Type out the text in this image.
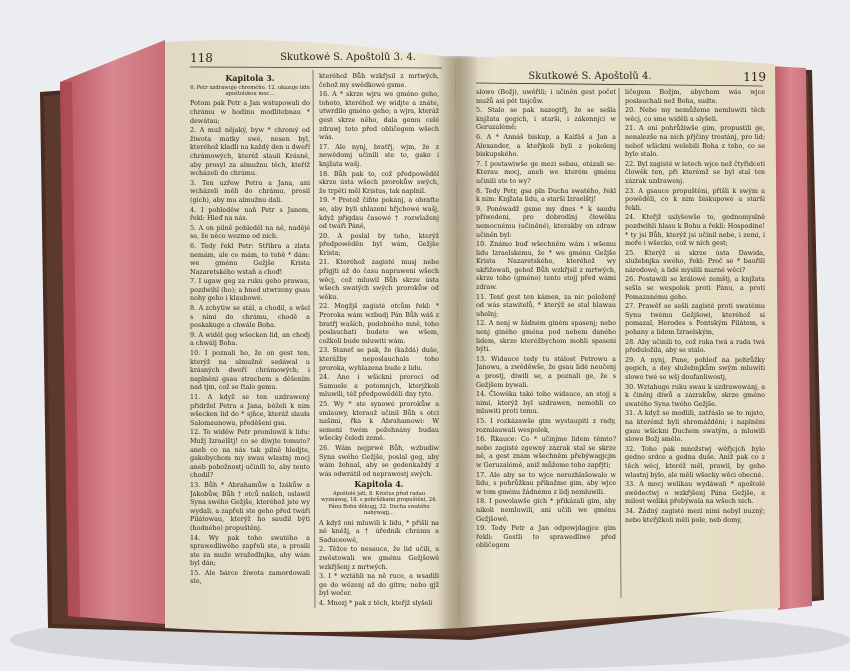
118	Skutkowé S. Apoštolů 3. 4.
Kapitola 3.
6. Petr uzdrawuje chromého. 12. ukazuje lidu apoštolskou moc…

Potom pak Petr a Jan wstupowali do chrámu w hodinu modlitebnau * dewátau;

2. A muž nějaký, byw * chromý od žiwota matky swé, nesen byl, kteréhož kladli na každý den u dweří chrámowých, kteréž slauli Krásné, aby prosyl za almužnu těch, kteříž wcházeli do chrámu.

3. Ten uzřew Petra a Jana, ani wcházeli měli do chrámu, prosil (gich), aby mu almužnu dali.

4. I pohleděw naň Petr s Janem, řekl: Hleď na nás.

5. A on pilně pohleděl na ně, nadějé se, že něco wezme od nich.

6. Tedy řekl Petr: Stříbra a zlata nemám, ale co mám, to tobě * dám: we gménu Gežjše Krista Nazaretského wstaň a choď!

7. I ugaw geg za ruku geho prawau, pozdwihl (ho); a hned utwrzeny gsau nohy geho i klaubowé.

8. A zchytiw se stál, a chodil, a wšel s ními do chrámu, chodě a poskakuge a chwále Boha.

9. A widěl geg wšecken lid, an chodj a chwálj Boha.

10. I poznali ho, že on gest ten, kterýž na almužně sedáwal u krásných dweří chrámowých; i naplněni gsau strachem a děšením nad tjm, což se ſtalo gemu.

11. A když se ten uzdrawený přidržel Petra a Jana, běželi k nim wšecken lid do * sjňce, kteráž slauła Salomaunowa, předěšeni gsa.

12. To widěw Petr promluwil k lidu: Mužj Izraelštj! co se diwjte tomuto? aneb co na nás tak pilně hledjte, gakobychom my swau wlastnj mocj aneb pobožnostj učinili to, aby tento chodil?

13. Bůh * Abrahamůw a Izákůw a Jákobůw, Bůh † otců našich, oslawil Syna swého Gežjše, kteréhož jste wy wydali, a zapřeli ste geho před twáří Pilátowau, kterýž ho saudil býti (hodného) propuštěnj.

14. Wy pak toho swatého a sprawedliwého zapřeli ste, a prosili ste za muže wražedlnjka, aby wám byl dán;

15. Ale bárce žiwota zamordowali ste,

kteréhož Bůh wzkřjsil z mrtwých, čehož my swědkowé gsme.

16. A * skrze wjru we gméno geho, tohoto, kteréhož wy widjte a znáte, utwrdilo gméno geho; a wjra, kteráž gest skrze něho, dala gemu celé zdrawj toto před obličegem wšech wás.

17. Ale nynj, bratřj, wjm, že z newědomj učinili ste to, gako i knjžata wašj.

18. Bůh pak to, což předpowěděl skrze ústa wšech prorokůw swých, že trpěti měl Kristus, tak naplnil.

19. * Protož čiňte pokánj, a obraťte se, aby byli shlazeni hřjchowé wašj, když přigdau časowé † rozwlaženj od twáři Páně,

20. A poslal by toho, kterýž předpowěděn byl wám, Gežjše Krista;

21. Kteréhož zagisté musj nebe přigjti až do času napraweni wšech wěcj, což mluwil Bůh skrze ústa wšech swatých swých prorokůw od wěku.

22. Mogžjš zagisté otcům řekl: * Proroka wám wzbudj Pán Bůh wáš z bratřj waších, podobného mně, toho poslauchati budete we wšem, cožkoli bude mluwiti wám.

23. Staneť se pak, že (každá) duše, kterážby neposlauchala toho proroka, wyhlazena bude z lidu.

24. Ano i wšickni proroci od Samuele a potomnjch, kterjžkoli mluwili, též předpowěděli dny tyto.

25. Wy * ste synowé prorokůw a smlauwy, kterauž učinil Bůh s otci našimi, řka k Abrahamowi: W semeni twém požehnány budau wšecky čeledi země.

26. Wám nejprwé Bůh, wzbudiw Syna swého Gežjše, poslal geg, aby wám žehnal, aby se gedenkaždý z wás odwrátil od neprawostj swých.

Kapitola 4.
Apoštolé jati, 8. Kristus před radau wyznáwaj, 18. s pohrůžkami propuštěni, 24. Pánu Bohu děkugj, 32. Ducha swatého nabýwagj…

A když oni mluwili k lidu, * přišli na ně kněžj, a † úředník chrámu a Saduceowé,

2. Těžce to nesauce, že lid učili, a zwěstowali we gménu Gežjšowě wzkřjšenj z mrtwých.

3. I * wztáhli na ně ruce, a wsadili ge do wězenj až do gitra; nebo gjž byl wečer.

4. Mnozj * pak z těch, kteřjž slyšeli

Skutkowé S. Apoštolů 4.	119

slowo (Božj), uwěřili; i učiněn gest počet mužů asi pět tisjcůw.

5. Stalo se pak nazegtřj, že se sešla knjžata gegich, i starši, i zákonnjci w Geruzalémě;

6. A * Annáš biskup, a Kaifáš a Jan a Alexander, a kteřjkoli byli z pokolenj biskupského.

7. I postawiwše ge mezi sebau, otázali se: Kterau mocj, aneb we kterém gménu učinili ste to wy?

8. Tedy Petr, gsa pln Ducha swatého, řekl k nim: Knjžata lidu, a starši Izraelštj!

9. Poněwadž gsme my dnes * k saudu přiwedeni, pro dobrodinj člowěku nemocnému (učiněné), kterakby on zdraw učiněn byl:

10. Známo buď wšechněm wám i wšemu lidu Izraelskému, že * we gménu Gežjše Krista Nazaretského, kteréhož wy ukřižowali, gehož Bůh wzkřjsil z mrtwých, skrze toho (gméno) tento stojj před wámi zdraw.

11. Tenť gest ten kámen, za nic položený od wás stawitelů, * kterýž se stal hlawau uhelnj;

12. A nenj w žádném giném spasenj; nebo nenj giného gména pod nebem daného lidem, skrze kteréžbychom mohli spaseni býti.

13. Widauce tedy tu stálost Petrowu a Janowu, a zwěděwše, že gsau lidé neučenj a prostj, diwili se, a poznali ge, že s Gežjšem bywali.

14. Člowěka také toho widauce, an stojj s nimi, kterýž byl uzdrawen, nemohli co mluwiti proti tomu.

15. I rozkázawše gim wystaupiti z rady, rozmlauwali wespolek,

16. Řkauce: Co * učinjme lidem těmto? nebo zagisté zgewný zázrak stal se skrze ně, a gest znám wšechněm přebýwagjcjm w Geruzalémě, aniž můžeme toho zapřjti;

17. Ale aby se to wjce nerozhlašowalo w lidu, s pohrůžkau přikažme gim, aby wjce w tom gménu žádnému z lidj nemluwili.

18. I powolawše gich * přikázali gim, aby nikoli nemluwili, ani učili we gménu Gežjšowě.

19. Tedy Petr a Jan odpowjdagjce gim řekli: Gestli to sprawedliwé před obličegem

ličegem Božjm, abychom wás wjce poslauchali než Boha, sudte.

20. Nebo my nemůžeme nemluwiti těch wěcj, co sme widěli a slyšeli.

21. A oni pohrůžiwše gim, propustili ge, nenalezše na nich přjčiny trestánj, pro lid; neboť wšickni welebili Boha z toho, co se bylo stalo.

22. Byl zagisté w letech wjce než čtyřidceti člowěk ten, při kterémž se byl stal ten zázrak uzdrawenj.

23. A gsauce propuštěni, přišli k swým a powěděli, co k nim biskupowé a starši řekli.

24. Kteřjž uslyšewše to, gednomyslně pozdwihli hlasu k Bohu a řekli: Hospodine! * ty jsi Bůh, kterýž jsi učinil nebe, i zemi, i moře i wšecko, což w nich gest;

25. Kterýž si skrze ústa Dawida, služebnjka swého, řekl: Proč se * bauřili národowé, a lidé myslili marné wěci?

26. Postawili se králowé zemštj, a knjžata sešla se wespolek proti Pánu, a proti Pomazanému geho.

27. Prawěť se sešli zagisté proti swatému Synu twému Gežjšowi, kteréhož si pomazal, Herodes s Pontským Pilátem, s pohany a lidem Izraelským,

28. Aby učinili to, což ruka twá a rada twá předuložila, aby se stalo.

29. A nynj, Pane, pohleď na pohrůžky gegich, a dey služebnjkům swým mluwiti slowo twé se wšj doufanliwostj,

30. Wztahuge ruku swau k uzdrawowánj, a k činěnj diwů a zázrakůw, skrze gméno swatého Syna twého Gežjše.

31. A když se modlili, zatřáslo se to mjsto, na kterémž byli shromážděni; i naplněni gsau wšickni Duchem swatým, a mluwili slowo Božj směle.

32. Toho pak množstwj wěřjcjch bylo gedno srdce a gedna duše. Aniž pak co z těch wěcj, kteréž měl, prawil, by geho wlastnj bylo, ale měli wšecky wěci obecné.

33. A mocj welikau wydáwali * apoštolé swědectwj o wzkřjšenj Pána Gežjše, a milost weliká přebýwala na wšech nich.

34. Žádný zagisté mezi nimi nebyl nuzný; nebo kteřjžkoli měli pole, neb domy,
